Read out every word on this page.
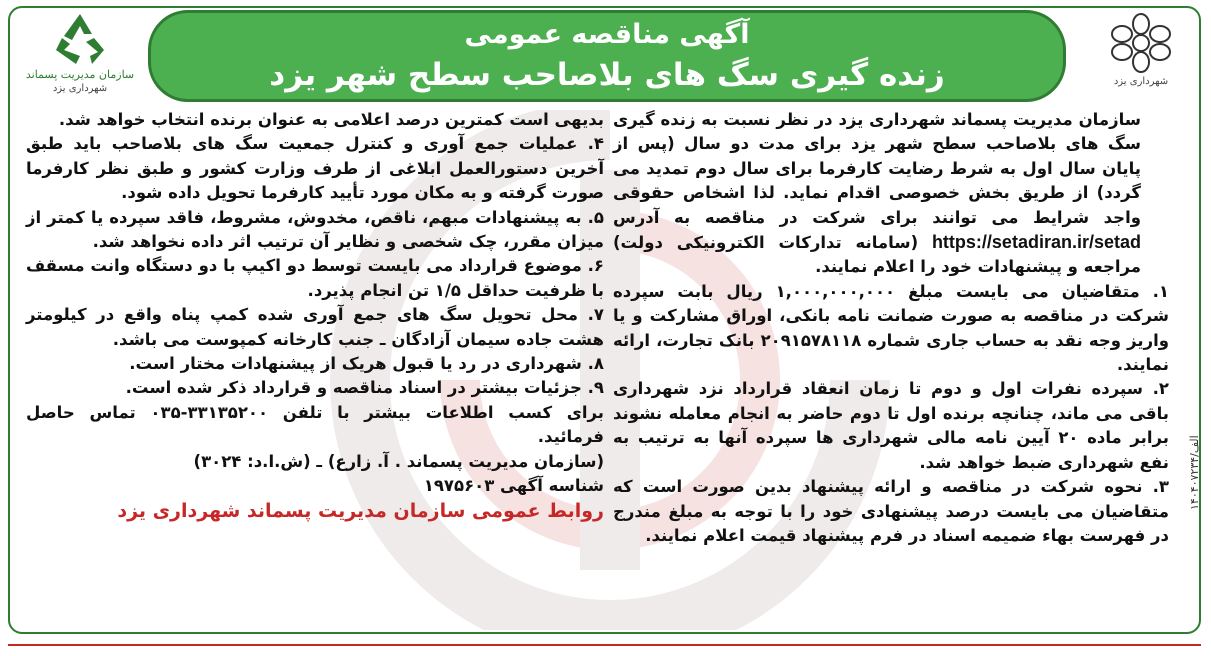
شهرداری یزد
سازمان مدیریت پسماند
شهرداری یزد
آگهی مناقصه عمومی
زنده گیری سگ های بلاصاحب سطح شهر یزد

سازمان مدیریت پسماند شهرداری یزد در نظر نسبت به زنده گیری سگ های بلاصاحب سطح شهر یزد برای مدت دو سال (پس از پایان سال اول به شرط رضایت کارفرما برای سال دوم تمدید می گردد) از طریق بخش خصوصی اقدام نماید. لذا اشخاص حقوقی واجد شرایط می توانند برای شرکت در مناقصه به آدرس https://setadiran.ir/setad (سامانه تدارکات الکترونیکی دولت) مراجعه و پیشنهادات خود را اعلام نمایند.

۱. متقاضیان می بایست مبلغ ۱,۰۰۰,۰۰۰,۰۰۰ ریال بابت سپرده شرکت در مناقصه به صورت ضمانت نامه بانکی، اوراق مشارکت و یا واریز وجه نقد به حساب جاری شماره ۲۰۹۱۵۷۸۱۱۸ بانک تجارت، ارائه نمایند.

۲. سپرده نفرات اول و دوم تا زمان انعقاد قرارداد نزد شهرداری باقی می ماند، چنانچه برنده اول تا دوم حاضر به انجام معامله نشوند برابر ماده ۲۰ آیین نامه مالی شهرداری ها سپرده آنها به ترتیب به نفع شهرداری ضبط خواهد شد.

۳. نحوه شرکت در مناقصه و ارائه پیشنهاد بدین صورت است که متقاضیان می بایست درصد پیشنهادی خود را با توجه به مبلغ مندرج در فهرست بهاء ضمیمه اسناد در فرم پیشنهاد قیمت اعلام نمایند.

بدیهی است کمترین درصد اعلامی به عنوان برنده انتخاب خواهد شد.

۴. عملیات جمع آوری و کنترل جمعیت سگ های بلاصاحب باید طبق آخرین دستورالعمل ابلاغی از طرف وزارت کشور و طبق نظر کارفرما صورت گرفته و به مکان مورد تأیید کارفرما تحویل داده شود.

۵. به پیشنهادات مبهم، ناقص، مخدوش، مشروط، فاقد سپرده یا کمتر از میزان مقرر، چک شخصی و نظایر آن ترتیب اثر داده نخواهد شد.

۶. موضوع قرارداد می بایست توسط دو اکیپ با دو دستگاه وانت مسقف با ظرفیت حداقل ۱/۵ تن انجام پذیرد.

۷. محل تحویل سگ های جمع آوری شده کمپ پناه واقع در کیلومتر هشت جاده سیمان آزادگان ـ جنب کارخانه کمپوست می باشد.

۸. شهرداری در رد یا قبول هریک از پیشنهادات مختار است.

۹. جزئیات بیشتر در اسناد مناقصه و قرارداد ذکر شده است.

برای کسب اطلاعات بیشتر با تلفن ۳۳۱۳۵۲۰۰-۰۳۵ تماس حاصل فرمائید.

(سازمان مدیریت پسماند . آ. زارع) ـ (ش.ا.د: ۳۰۲۴)

شناسه آگهی ۱۹۷۵۶۰۳

روابط عمومی سازمان مدیریت پسماند شهرداری یزد

الف/۱۴۰۴۰۷۲۳۴
